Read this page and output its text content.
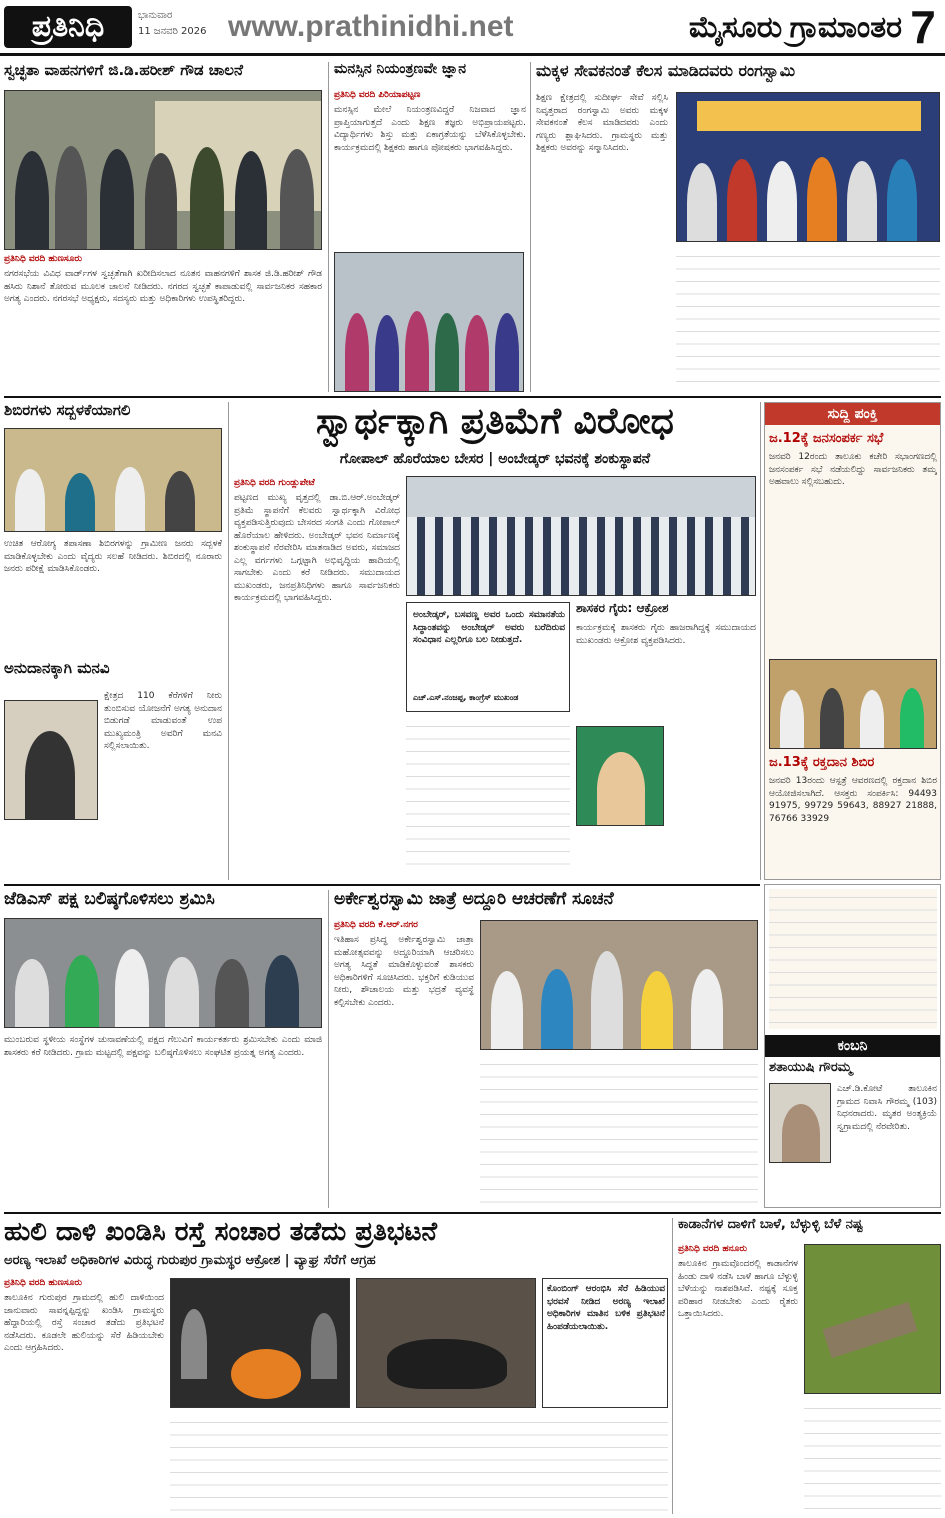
ಪ್ರತಿನಿಧಿ	ಭಾನುವಾರ
11 ಜನವರಿ 2026 www.prathinidhi.net	ಮೈಸೂರು ಗ್ರಾಮಾಂತರ 7
ಸ್ವಚ್ಛತಾ ವಾಹನಗಳಿಗೆ ಜಿ.ಡಿ.ಹರೀಶ್ ಗೌಡ ಚಾಲನೆ
ಪ್ರತಿನಿಧಿ ವರದಿ ಹುಣಸೂರು
ನಗರಸಭೆಯ ವಿವಿಧ ವಾರ್ಡ್‌ಗಳ ಸ್ವಚ್ಛತೆಗಾಗಿ ಖರೀದಿಸಲಾದ ನೂತನ ವಾಹನಗಳಿಗೆ ಶಾಸಕ ಜಿ.ಡಿ.ಹರೀಶ್ ಗೌಡ ಹಸಿರು ನಿಶಾನೆ ತೋರುವ ಮೂಲಕ ಚಾಲನೆ ನೀಡಿದರು. ನಗರದ ಸ್ವಚ್ಛತೆ ಕಾಪಾಡುವಲ್ಲಿ ಸಾರ್ವಜನಿಕರ ಸಹಕಾರ ಅಗತ್ಯ ಎಂದರು. ನಗರಸಭೆ ಅಧ್ಯಕ್ಷರು, ಸದಸ್ಯರು ಮತ್ತು ಅಧಿಕಾರಿಗಳು ಉಪಸ್ಥಿತರಿದ್ದರು.
ಮನಸ್ಸಿನ ನಿಯಂತ್ರಣವೇ ಜ್ಞಾನ
ಪ್ರತಿನಿಧಿ ವರದಿ ಪಿರಿಯಾಪಟ್ಟಣ
ಮನಸ್ಸಿನ ಮೇಲೆ ನಿಯಂತ್ರಣವಿದ್ದರೆ ನಿಜವಾದ ಜ್ಞಾನ ಪ್ರಾಪ್ತಿಯಾಗುತ್ತದೆ ಎಂದು ಶಿಕ್ಷಣ ತಜ್ಞರು ಅಭಿಪ್ರಾಯಪಟ್ಟರು. ವಿದ್ಯಾರ್ಥಿಗಳು ಶಿಸ್ತು ಮತ್ತು ಏಕಾಗ್ರತೆಯನ್ನು ಬೆಳೆಸಿಕೊಳ್ಳಬೇಕು. ಕಾರ್ಯಕ್ರಮದಲ್ಲಿ ಶಿಕ್ಷಕರು ಹಾಗೂ ಪೋಷಕರು ಭಾಗವಹಿಸಿದ್ದರು.
ಮಕ್ಕಳ ಸೇವಕನಂತೆ ಕೆಲಸ ಮಾಡಿದವರು ರಂಗಸ್ವಾಮಿ
ಶಿಕ್ಷಣ ಕ್ಷೇತ್ರದಲ್ಲಿ ಸುದೀರ್ಘ ಸೇವೆ ಸಲ್ಲಿಸಿ ನಿವೃತ್ತರಾದ ರಂಗಸ್ವಾಮಿ ಅವರು ಮಕ್ಕಳ ಸೇವಕನಂತೆ ಕೆಲಸ ಮಾಡಿದವರು ಎಂದು ಗಣ್ಯರು ಶ್ಲಾಘಿಸಿದರು. ಗ್ರಾಮಸ್ಥರು ಮತ್ತು ಶಿಕ್ಷಕರು ಅವರನ್ನು ಸನ್ಮಾನಿಸಿದರು.
ಶಿಬಿರಗಳು ಸದ್ಬಳಕೆಯಾಗಲಿ
ಉಚಿತ ಆರೋಗ್ಯ ತಪಾಸಣಾ ಶಿಬಿರಗಳನ್ನು ಗ್ರಾಮೀಣ ಜನರು ಸದ್ಬಳಕೆ ಮಾಡಿಕೊಳ್ಳಬೇಕು ಎಂದು ವೈದ್ಯರು ಸಲಹೆ ನೀಡಿದರು. ಶಿಬಿರದಲ್ಲಿ ನೂರಾರು ಜನರು ಪರೀಕ್ಷೆ ಮಾಡಿಸಿಕೊಂಡರು.
ಅನುದಾನಕ್ಕಾಗಿ ಮನವಿ
ಕ್ಷೇತ್ರದ 110 ಕೆರೆಗಳಿಗೆ ನೀರು ತುಂಬಿಸುವ ಯೋಜನೆಗೆ ಅಗತ್ಯ ಅನುದಾನ ಬಿಡುಗಡೆ ಮಾಡುವಂತೆ ಉಪ ಮುಖ್ಯಮಂತ್ರಿ ಅವರಿಗೆ ಮನವಿ ಸಲ್ಲಿಸಲಾಯಿತು.
ಸ್ವಾರ್ಥಕ್ಕಾಗಿ ಪ್ರತಿಮೆಗೆ ವಿರೋಧ
ಗೋಪಾಲ್ ಹೊರೆಯಾಲ ಬೇಸರ | ಅಂಬೇಡ್ಕರ್ ಭವನಕ್ಕೆ ಶಂಕುಸ್ಥಾಪನೆ
ಪ್ರತಿನಿಧಿ ವರದಿ ಗುಂಡ್ಲುಪೇಟೆ
ಪಟ್ಟಣದ ಮುಖ್ಯ ವೃತ್ತದಲ್ಲಿ ಡಾ.ಬಿ.ಆರ್.ಅಂಬೇಡ್ಕರ್ ಪ್ರತಿಮೆ ಸ್ಥಾಪನೆಗೆ ಕೆಲವರು ಸ್ವಾರ್ಥಕ್ಕಾಗಿ ವಿರೋಧ ವ್ಯಕ್ತಪಡಿಸುತ್ತಿರುವುದು ಬೇಸರದ ಸಂಗತಿ ಎಂದು ಗೋಪಾಲ್ ಹೊರೆಯಾಲ ಹೇಳಿದರು. ಅಂಬೇಡ್ಕರ್ ಭವನ ನಿರ್ಮಾಣಕ್ಕೆ ಶಂಕುಸ್ಥಾಪನೆ ನೆರವೇರಿಸಿ ಮಾತನಾಡಿದ ಅವರು, ಸಮಾಜದ ಎಲ್ಲ ವರ್ಗಗಳು ಒಗ್ಗಟ್ಟಾಗಿ ಅಭಿವೃದ್ಧಿಯ ಹಾದಿಯಲ್ಲಿ ಸಾಗಬೇಕು ಎಂದು ಕರೆ ನೀಡಿದರು. ಸಮುದಾಯದ ಮುಖಂಡರು, ಜನಪ್ರತಿನಿಧಿಗಳು ಹಾಗೂ ಸಾರ್ವಜನಿಕರು ಕಾರ್ಯಕ್ರಮದಲ್ಲಿ ಭಾಗವಹಿಸಿದ್ದರು.
ಅಂಬೇಡ್ಕರ್, ಬಸವಣ್ಣ ಅವರ ಒಂದು ಸಮಾನತೆಯ ಸಿದ್ಧಾಂತವನ್ನು ಅಂಬೇಡ್ಕರ್ ಅವರು ಬರೆದಿರುವ ಸಂವಿಧಾನ ಎಲ್ಲರಿಗೂ ಬಲ ನೀಡುತ್ತದೆ.
ಎಚ್.ಎಸ್.ನಂಜಪ್ಪ, ಕಾಂಗ್ರೆಸ್ ಮುಖಂಡ
ಶಾಸಕರ ಗೈರು: ಆಕ್ರೋಶ
ಕಾರ್ಯಕ್ರಮಕ್ಕೆ ಶಾಸಕರು ಗೈರು ಹಾಜರಾಗಿದ್ದಕ್ಕೆ ಸಮುದಾಯದ ಮುಖಂಡರು ಆಕ್ರೋಶ ವ್ಯಕ್ತಪಡಿಸಿದರು.
ಸುದ್ದಿ ಪಂಕ್ತಿ
ಜ.12ಕ್ಕೆ ಜನಸಂಪರ್ಕ ಸಭೆ
ಜನವರಿ 12ರಂದು ತಾಲೂಕು ಕಚೇರಿ ಸಭಾಂಗಣದಲ್ಲಿ ಜನಸಂಪರ್ಕ ಸಭೆ ನಡೆಯಲಿದ್ದು ಸಾರ್ವಜನಿಕರು ತಮ್ಮ ಅಹವಾಲು ಸಲ್ಲಿಸಬಹುದು.
ಜ.13ಕ್ಕೆ ರಕ್ತದಾನ ಶಿಬಿರ
ಜನವರಿ 13ರಂದು ಆಸ್ಪತ್ರೆ ಆವರಣದಲ್ಲಿ ರಕ್ತದಾನ ಶಿಬಿರ ಆಯೋಜಿಸಲಾಗಿದೆ. ಆಸಕ್ತರು ಸಂಪರ್ಕಿಸಿ: 94493 91975, 99729 59643, 88927 21888, 76766 33929
ಜೆಡಿಎಸ್ ಪಕ್ಷ ಬಲಿಷ್ಠಗೊಳಿಸಲು ಶ್ರಮಿಸಿ
ಮುಂಬರುವ ಸ್ಥಳೀಯ ಸಂಸ್ಥೆಗಳ ಚುನಾವಣೆಯಲ್ಲಿ ಪಕ್ಷದ ಗೆಲುವಿಗೆ ಕಾರ್ಯಕರ್ತರು ಶ್ರಮಿಸಬೇಕು ಎಂದು ಮಾಜಿ ಶಾಸಕರು ಕರೆ ನೀಡಿದರು. ಗ್ರಾಮ ಮಟ್ಟದಲ್ಲಿ ಪಕ್ಷವನ್ನು ಬಲಿಷ್ಠಗೊಳಿಸಲು ಸಂಘಟಿತ ಪ್ರಯತ್ನ ಅಗತ್ಯ ಎಂದರು.
ಅರ್ಕೇಶ್ವರಸ್ವಾಮಿ ಜಾತ್ರೆ ಅದ್ದೂರಿ ಆಚರಣೆಗೆ ಸೂಚನೆ
ಪ್ರತಿನಿಧಿ ವರದಿ ಕೆ.ಆರ್.ನಗರ
ಇತಿಹಾಸ ಪ್ರಸಿದ್ಧ ಅರ್ಕೇಶ್ವರಸ್ವಾಮಿ ಜಾತ್ರಾ ಮಹೋತ್ಸವವನ್ನು ಅದ್ದೂರಿಯಾಗಿ ಆಚರಿಸಲು ಅಗತ್ಯ ಸಿದ್ಧತೆ ಮಾಡಿಕೊಳ್ಳುವಂತೆ ಶಾಸಕರು ಅಧಿಕಾರಿಗಳಿಗೆ ಸೂಚಿಸಿದರು. ಭಕ್ತರಿಗೆ ಕುಡಿಯುವ ನೀರು, ಶೌಚಾಲಯ ಮತ್ತು ಭದ್ರತೆ ವ್ಯವಸ್ಥೆ ಕಲ್ಪಿಸಬೇಕು ಎಂದರು.
ಕಂಬನಿ
ಶತಾಯುಷಿ ಗೌರಮ್ಮ
ಎಚ್.ಡಿ.ಕೋಟೆ ತಾಲೂಕಿನ ಗ್ರಾಮದ ನಿವಾಸಿ ಗೌರಮ್ಮ (103) ನಿಧನರಾದರು. ಮೃತರ ಅಂತ್ಯಕ್ರಿಯೆ ಸ್ವಗ್ರಾಮದಲ್ಲಿ ನೆರವೇರಿತು.
ಹುಲಿ ದಾಳಿ ಖಂಡಿಸಿ ರಸ್ತೆ ಸಂಚಾರ ತಡೆದು ಪ್ರತಿಭಟನೆ
ಅರಣ್ಯ ಇಲಾಖೆ ಅಧಿಕಾರಿಗಳ ವಿರುದ್ಧ ಗುರುಪುರ ಗ್ರಾಮಸ್ಥರ ಆಕ್ರೋಶ | ವ್ಯಾಘ್ರ ಸೆರೆಗೆ ಆಗ್ರಹ
ಪ್ರತಿನಿಧಿ ವರದಿ ಹುಣಸೂರು
ತಾಲೂಕಿನ ಗುರುಪುರ ಗ್ರಾಮದಲ್ಲಿ ಹುಲಿ ದಾಳಿಯಿಂದ ಜಾನುವಾರು ಸಾವನ್ನಪ್ಪಿದ್ದನ್ನು ಖಂಡಿಸಿ ಗ್ರಾಮಸ್ಥರು ಹೆದ್ದಾರಿಯಲ್ಲಿ ರಸ್ತೆ ಸಂಚಾರ ತಡೆದು ಪ್ರತಿಭಟನೆ ನಡೆಸಿದರು. ಕೂಡಲೇ ಹುಲಿಯನ್ನು ಸೆರೆ ಹಿಡಿಯಬೇಕು ಎಂದು ಆಗ್ರಹಿಸಿದರು.
ಕೊಂಬಿಂಗ್ ಆರಂಭಿಸಿ ಸೆರೆ ಹಿಡಿಯುವ ಭರವಸೆ ನೀಡಿದ ಅರಣ್ಯ ಇಲಾಖೆ ಅಧಿಕಾರಿಗಳ ಮಾತಿನ ಬಳಿಕ ಪ್ರತಿಭಟನೆ ಹಿಂಪಡೆಯಲಾಯಿತು.
ಕಾಡಾನೆಗಳ ದಾಳಿಗೆ ಬಾಳೆ, ಬೆಳ್ಳುಳ್ಳಿ ಬೆಳೆ ನಷ್ಟ
ಪ್ರತಿನಿಧಿ ವರದಿ ಹನೂರು
ತಾಲೂಕಿನ ಗ್ರಾಮವೊಂದರಲ್ಲಿ ಕಾಡಾನೆಗಳ ಹಿಂಡು ದಾಳಿ ನಡೆಸಿ ಬಾಳೆ ಹಾಗೂ ಬೆಳ್ಳುಳ್ಳಿ ಬೆಳೆಯನ್ನು ನಾಶಪಡಿಸಿವೆ. ನಷ್ಟಕ್ಕೆ ಸೂಕ್ತ ಪರಿಹಾರ ನೀಡಬೇಕು ಎಂದು ರೈತರು ಒತ್ತಾಯಿಸಿದರು.
